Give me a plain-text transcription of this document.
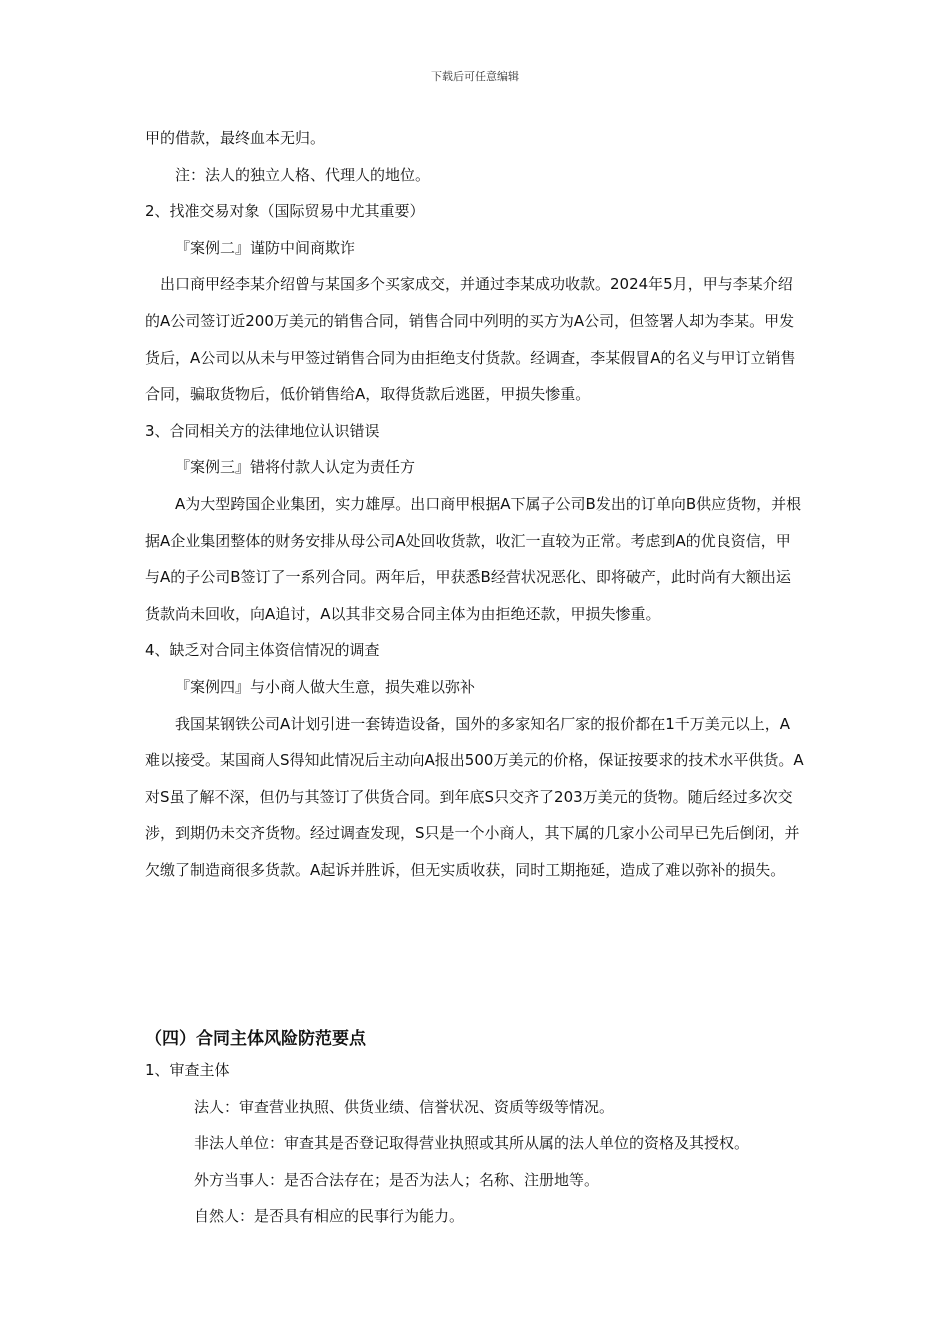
下载后可任意编辑

甲的借款，最终血本无归。

注：法人的独立人格、代理人的地位。

2、找准交易对象（国际贸易中尤其重要）

『案例二』谨防中间商欺诈

出口商甲经李某介绍曾与某国多个买家成交，并通过李某成功收款。2024年5月，甲与李某介绍的A公司签订近200万美元的销售合同，销售合同中列明的买方为A公司，但签署人却为李某。甲发货后，A公司以从未与甲签过销售合同为由拒绝支付货款。经调查，李某假冒A的名义与甲订立销售合同，骗取货物后，低价销售给A，取得货款后逃匿，甲损失惨重。

3、合同相关方的法律地位认识错误

『案例三』错将付款人认定为责任方

A为大型跨国企业集团，实力雄厚。出口商甲根据A下属子公司B发出的订单向B供应货物，并根据A企业集团整体的财务安排从母公司A处回收货款，收汇一直较为正常。考虑到A的优良资信，甲与A的子公司B签订了一系列合同。两年后，甲获悉B经营状况恶化、即将破产，此时尚有大额出运货款尚未回收，向A追讨，A以其非交易合同主体为由拒绝还款，甲损失惨重。

4、缺乏对合同主体资信情况的调查

『案例四』与小商人做大生意，损失难以弥补

我国某钢铁公司A计划引进一套铸造设备，国外的多家知名厂家的报价都在1千万美元以上，A难以接受。某国商人S得知此情况后主动向A报出500万美元的价格，保证按要求的技术水平供货。A对S虽了解不深，但仍与其签订了供货合同。到年底S只交齐了203万美元的货物。随后经过多次交涉，到期仍未交齐货物。经过调查发现，S只是一个小商人，其下属的几家小公司早已先后倒闭，并欠缴了制造商很多货款。A起诉并胜诉，但无实质收获，同时工期拖延，造成了难以弥补的损失。

（四）合同主体风险防范要点

1、审查主体

法人：审查营业执照、供货业绩、信誉状况、资质等级等情况。

非法人单位：审查其是否登记取得营业执照或其所从属的法人单位的资格及其授权。

外方当事人：是否合法存在；是否为法人；名称、注册地等。

自然人：是否具有相应的民事行为能力。
